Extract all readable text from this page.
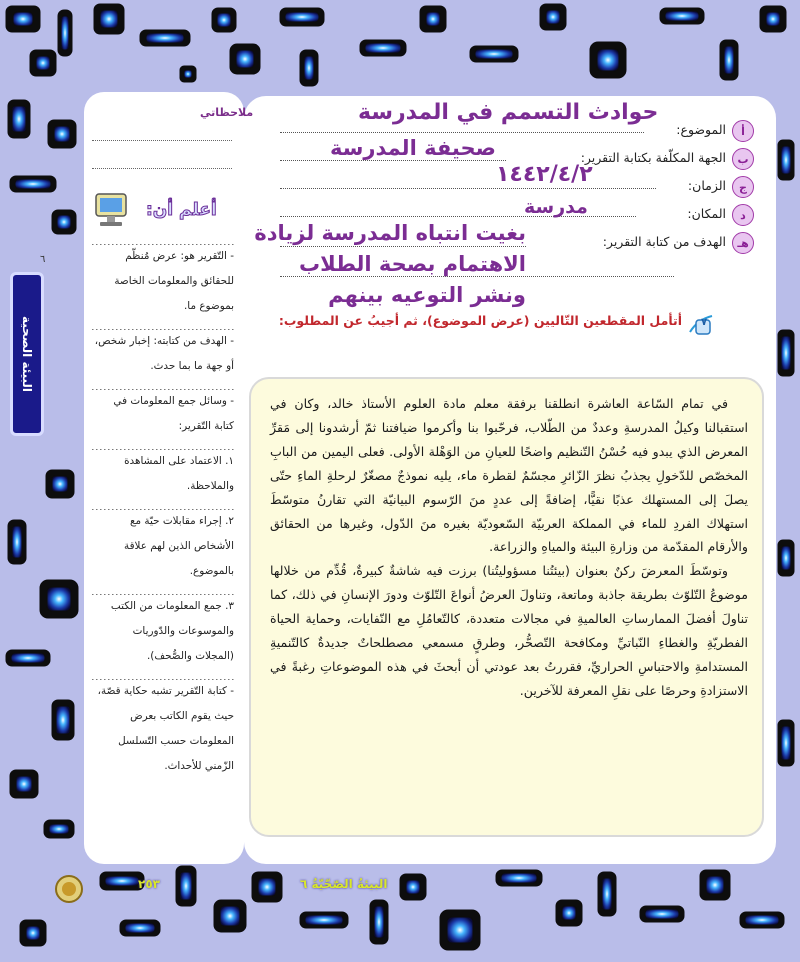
البيئة الصحية
٦
ملاحظاتي
أعلم أن:

- التّقرير هو: عرض مُنظّم للحقائق والمعلومات الخاصة بموضوع ما.

- الهدف من كتابته: إخبار شخص، أو جهة ما بما حدث.

- وسائل جمع المعلومات في كتابة التّقرير:

١. الاعتماد على المشاهدة والملاحظة.

٢. إجراء مقابلات حيّة مع الأشخاص الذين لهم علاقة بالموضوع.

٣. جمع المعلومات من الكتب والموسوعات والدّوريات (المجلات والصُّحف).

- كتابة التّقرير تشبه حكاية قصّة، حيث يقوم الكاتب بعرض المعلومات حسب التّسلسل الزّمني للأحداث.

أ
الموضوع:
حوادث التسمم في المدرسة
ب
الجهة المكلّفة بكتابة التقرير:
صحيفة المدرسة
ج
الزمان:
١٤٤٢/٤/٢
د
المكان:
مدرسة
هـ
الهدف من كتابة التقرير:
بغيت انتباه المدرسة لزيادة الاهتمام بصحة الطلاب ونشر التوعيه بينهم
٧
أتأمل المقطعين التّاليين (عرض الموضوع)، ثم أجيبُ عن المطلوب:

في تمام السّاعة العاشرة انطلقنا برفقة معلم مادة العلوم الأستاذ خالد، وكان في استقبالنا وكيلُ المدرسةِ وعددٌ من الطّلاب، فرحّبوا بنا وأكرموا ضيافتنا ثمّ أرشدونا إلى مَقرِّ المعرض الذي يبدو فيه حُسْنُ التّنظيم واضحًا للعيانِ من الوَهْلة الأولى. فعلى اليمين من البابِ المخصّص للدّخولِ يجذبُ نظرَ الزّائرِ مجسّمٌ لقطرة ماء، يليه نموذجٌ مصغّرٌ لرحلةِ الماءِ حتّى يصلَ إلى المستهلك عذبًا نقيًّا، إضافةً إلى عددٍ منَ الرّسوم البيانيّة التي تقارنُ متوسّطَ استهلاك الفردِ للماء في المملكة العربيّة السّعوديّة بغيره منَ الدّول، وغيرها من الحقائق والأرقام المقدّمة من وزارةِ البيئة والمياهِ والزراعة.

وتوسّطَ المعرضَ ركنٌ بعنوان (بيئتُنا مسؤوليتُنا) برزت فيه شاشةٌ كبيرةٌ، قُدِّم من خلالها موضوعُ التّلوّث بطريقة جاذبة وماتعة، وتناولَ العرضُ أنواعَ التّلوّث ودورَ الإنسانِ في ذلك، كما تناولَ أفضلَ الممارساتِ العالميةِ في مجالات متعددة، كالتّعامُلِ مع النّفايات، وحماية الحياة الفطريّةِ والغطاءِ النّباتيِّ ومكافحة التّصحُّر، وطرقٍ مسمعي مصطلحاتٌ جديدةٌ كالتّنميةِ المستدامةِ والاحتباسِ الحراريِّ، فقررتُ بعد عودتي أن أبحثَ في هذه الموضوعاتِ رغبةً في الاستزادةِ وحرصًا على نقلِ المعرفة للآخرين.

٢٥٣	البيئةُ الصّحّيّةُ ٦
